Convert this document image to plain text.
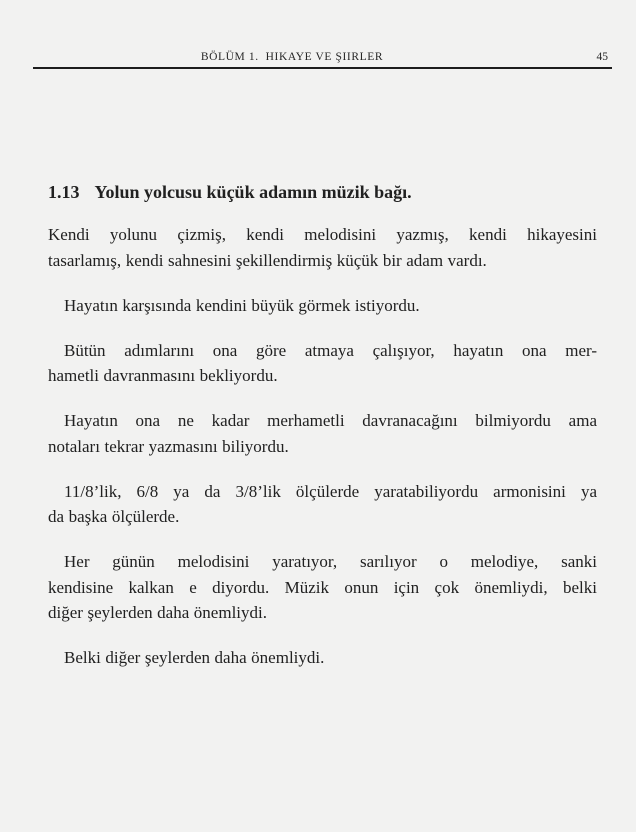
BÖLÜM 1.  HIKAYE VE ŞIIRLER	45
1.13 Yolun yolcusu küçük adamın müzik bağı.
Kendi yolunu çizmiş, kendi melodisini yazmış, kendi hikayesini
tasarlamış, kendi sahnesini şekillendirmiş küçük bir adam vardı.
Hayatın karşısında kendini büyük görmek istiyordu.
Bütün adımlarını ona göre atmaya çalışıyor, hayatın ona mer-
hametli davranmasını bekliyordu.
Hayatın ona ne kadar merhametli davranacağını bilmiyordu ama
notaları tekrar yazmasını biliyordu.
11/8’lik, 6/8 ya da 3/8’lik ölçülerde yaratabiliyordu armonisini ya
da başka ölçülerde.
Her günün melodisini yaratıyor, sarılıyor o melodiye, sanki
kendisine kalkan e diyordu. Müzik onun için çok önemliydi, belki
diğer şeylerden daha önemliydi.
Belki diğer şeylerden daha önemliydi.
